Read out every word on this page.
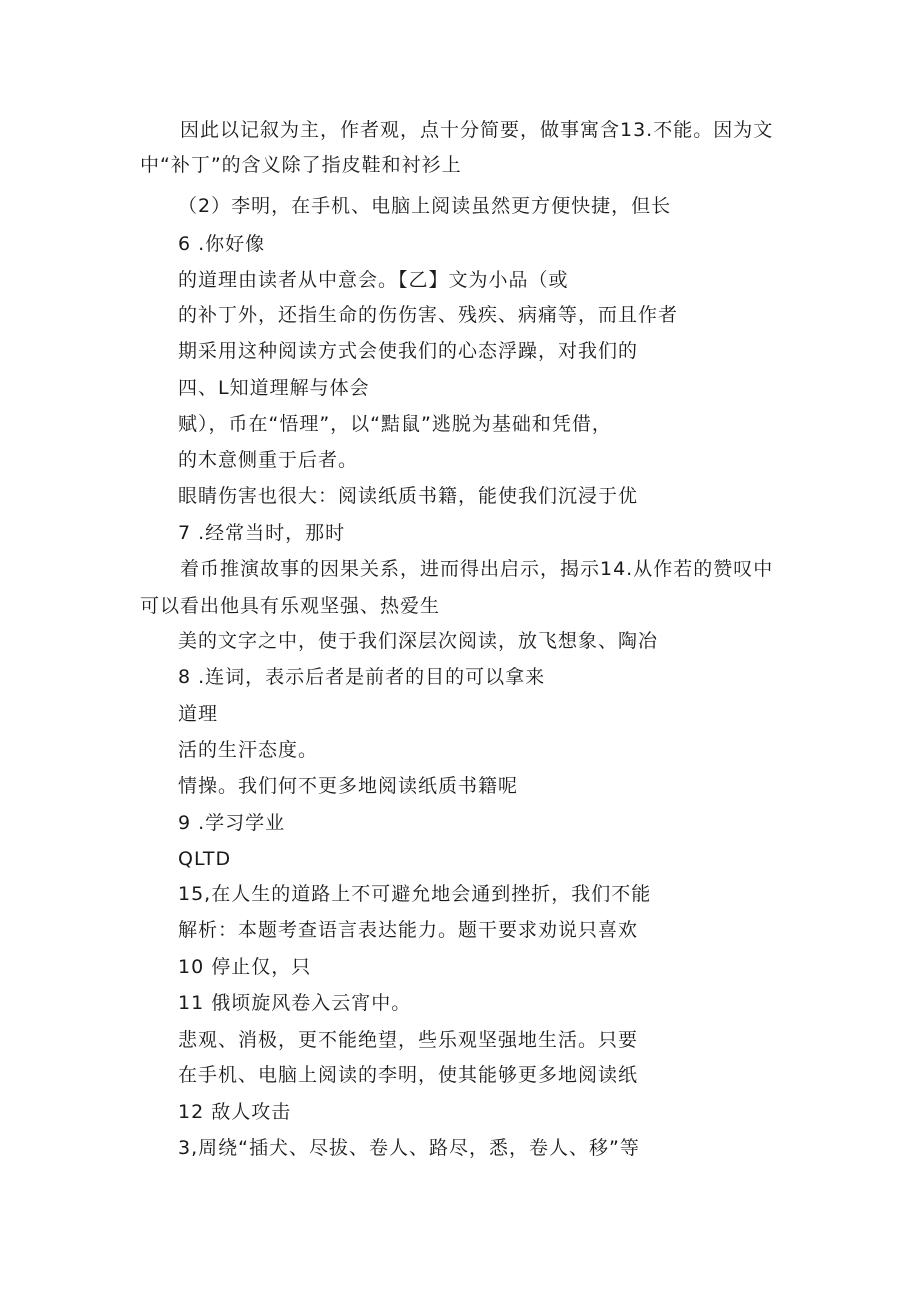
因此以记叙为主，作者观，点十分简要，做事寓含13.不能。因为文
中“补丁”的含义除了指皮鞋和衬衫上
（2）李明，在手机、电脑上阅读虽然更方便快捷，但长
6 .你好像
的道理由读者从中意会。【乙】文为小品（或
的补丁外，还指生命的伤伤害、残疾、病痛等，而且作者
期采用这种阅读方式会使我们的心态浮躁，对我们的
四、L知道理解与体会
赋），币在“悟理”，以“黠鼠”逃脱为基础和凭借，
的木意侧重于后者。
眼睛伤害也很大：阅读纸质书籍，能使我们沉浸于优
7 .经常当时，那时
着币推演故事的因果关系，进而得出启示，揭示14.从作若的赞叹中
可以看出他具有乐观坚强、热爱生
美的文字之中，使于我们深层次阅读，放飞想象、陶冶
8 .连词，表示后者是前者的目的可以拿来
道理
活的生汗态度。
情操。我们何不更多地阅读纸质书籍呢
9 .学习学业
QLTD
15,在人生的道路上不可避允地会通到挫折，我们不能
解析：本题考查语言表达能力。题干要求劝说只喜欢
10 停止仅，只
11 俄顷旋风卷入云宵中。
悲观、消极，更不能绝望，些乐观坚强地生活。只要
在手机、电脑上阅读的李明，使其能够更多地阅读纸
12 敌人攻击
3,周绕“插犬、尽拔、卷人、路尽，悉，卷人、移”等
